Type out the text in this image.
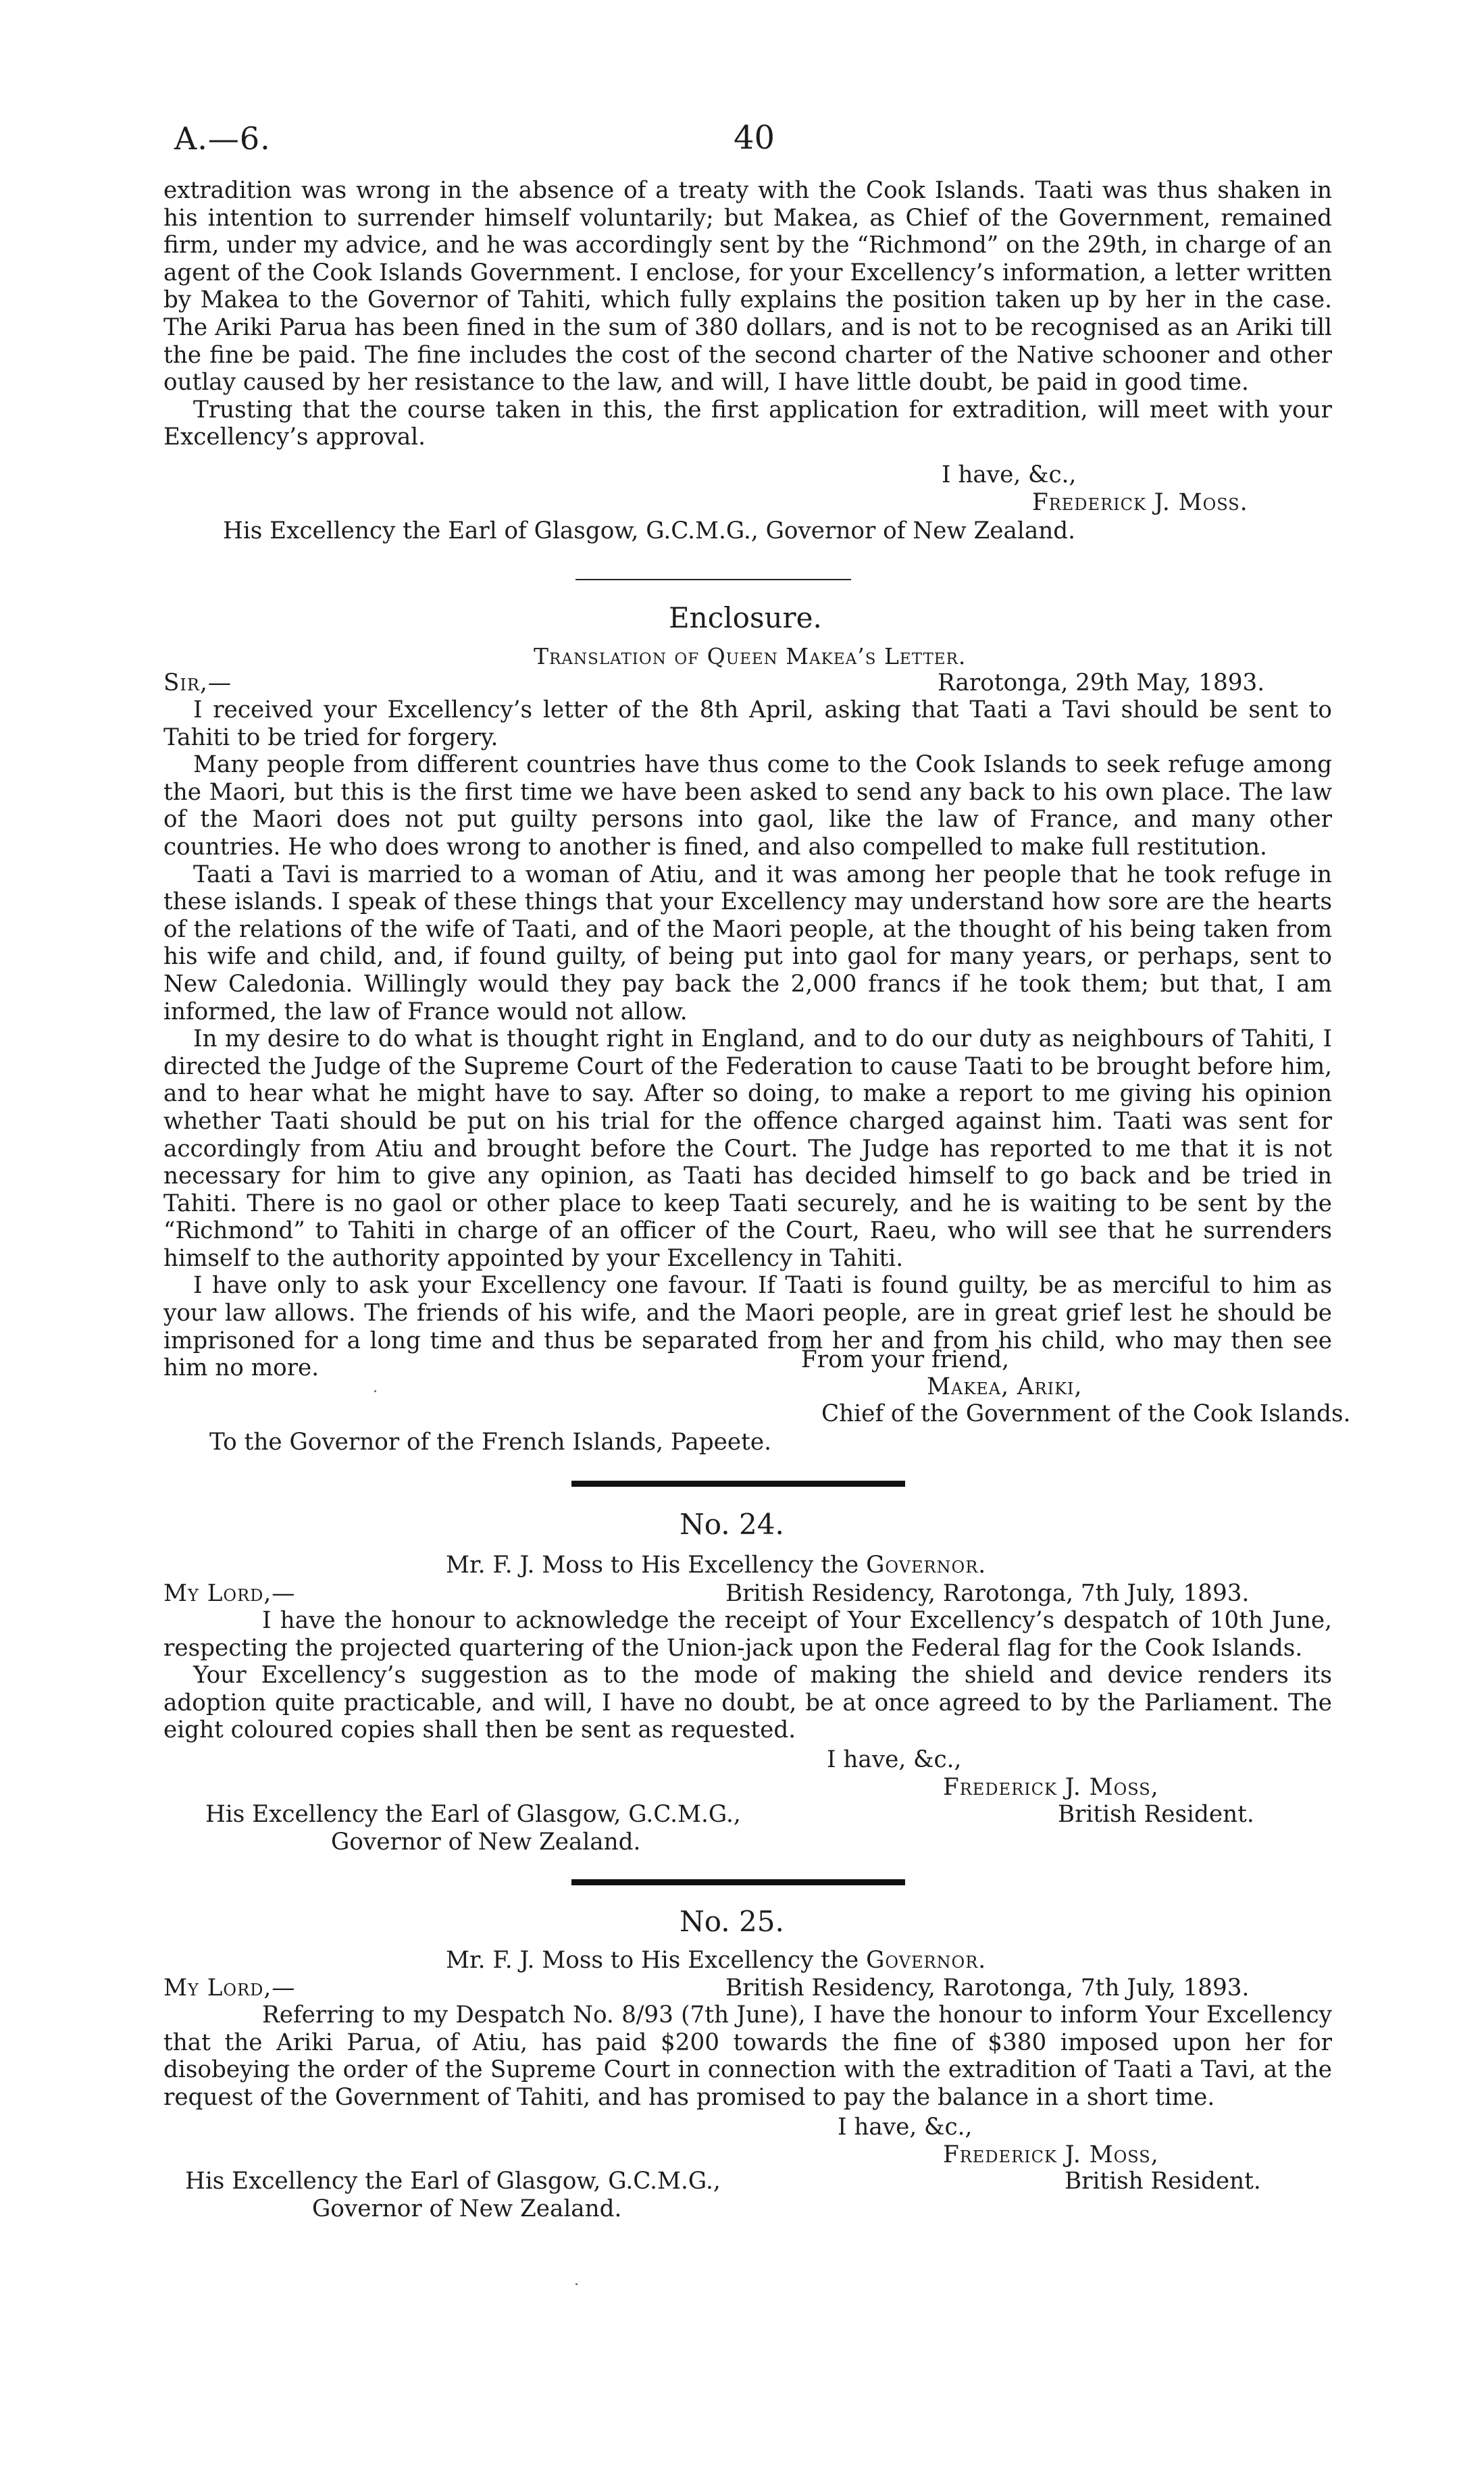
A.—6.	40

extradition was wrong in the absence of a treaty with the Cook Islands. Taati was thus shaken in his intention to surrender himself voluntarily; but Makea, as Chief of the Government, remained firm, under my advice, and he was accordingly sent by the “Richmond” on the 29th, in charge of an agent of the Cook Islands Government. I enclose, for your Excellency’s information, a letter written by Makea to the Governor of Tahiti, which fully explains the position taken up by her in the case. The Ariki Parua has been fined in the sum of 380 dollars, and is not to be recognised as an Ariki till the fine be paid. The fine includes the cost of the second charter of the Native schooner and other outlay caused by her resistance to the law, and will, I have little doubt, be paid in good time.

Trusting that the course taken in this, the first application for extradition, will meet with your Excellency’s approval.

I have, &c.,
Frederick J. Moss.
His Excellency the Earl of Glasgow, G.C.M.G., Governor of New Zealand.
Enclosure.
Translation of Queen Makea’s Letter.
Sir,—	Rarotonga, 29th May, 1893.

I received your Excellency’s letter of the 8th April, asking that Taati a Tavi should be sent to Tahiti to be tried for forgery.

Many people from different countries have thus come to the Cook Islands to seek refuge among the Maori, but this is the first time we have been asked to send any back to his own place. The law of the Maori does not put guilty persons into gaol, like the law of France, and many other countries. He who does wrong to another is fined, and also compelled to make full restitution.

Taati a Tavi is married to a woman of Atiu, and it was among her people that he took refuge in these islands. I speak of these things that your Excellency may understand how sore are the hearts of the relations of the wife of Taati, and of the Maori people, at the thought of his being taken from his wife and child, and, if found guilty, of being put into gaol for many years, or perhaps, sent to New Caledonia. Willingly would they pay back the 2,000 francs if he took them; but that, I am informed, the law of France would not allow.

In my desire to do what is thought right in England, and to do our duty as neighbours of Tahiti, I directed the Judge of the Supreme Court of the Federation to cause Taati to be brought before him, and to hear what he might have to say. After so doing, to make a report to me giving his opinion whether Taati should be put on his trial for the offence charged against him. Taati was sent for accordingly from Atiu and brought before the Court. The Judge has reported to me that it is not necessary for him to give any opinion, as Taati has decided himself to go back and be tried in Tahiti. There is no gaol or other place to keep Taati securely, and he is waiting to be sent by the “Richmond” to Tahiti in charge of an officer of the Court, Raeu, who will see that he surrenders himself to the authority appointed by your Excellency in Tahiti.

I have only to ask your Excellency one favour. If Taati is found guilty, be as merciful to him as your law allows. The friends of his wife, and the Maori people, are in great grief lest he should be imprisoned for a long time and thus be separated from her and from his child, who may then see him no more.	From your friend,
Makea, Ariki,
Chief of the Government of the Cook Islands.
To the Governor of the French Islands, Papeete.
No. 24.
Mr. F. J. Moss to His Excellency the Governor.
My Lord,—	British Residency, Rarotonga, 7th July, 1893.

I have the honour to acknowledge the receipt of Your Excellency’s despatch of 10th June, respecting the projected quartering of the Union-jack upon the Federal flag for the Cook Islands.

Your Excellency’s suggestion as to the mode of making the shield and device renders its adoption quite practicable, and will, I have no doubt, be at once agreed to by the Parliament. The eight coloured copies shall then be sent as requested.

I have, &c.,
Frederick J. Moss,
His Excellency the Earl of Glasgow, G.C.M.G.,	British Resident.
Governor of New Zealand.
No. 25.
Mr. F. J. Moss to His Excellency the Governor.
My Lord,—	British Residency, Rarotonga, 7th July, 1893.

Referring to my Despatch No. 8/93 (7th June), I have the honour to inform Your Excellency that the Ariki Parua, of Atiu, has paid $200 towards the fine of $380 imposed upon her for disobeying the order of the Supreme Court in connection with the extradition of Taati a Tavi, at the request of the Government of Tahiti, and has promised to pay the balance in a short time.

I have, &c.,
Frederick J. Moss,
His Excellency the Earl of Glasgow, G.C.M.G.,	British Resident.
Governor of New Zealand.
